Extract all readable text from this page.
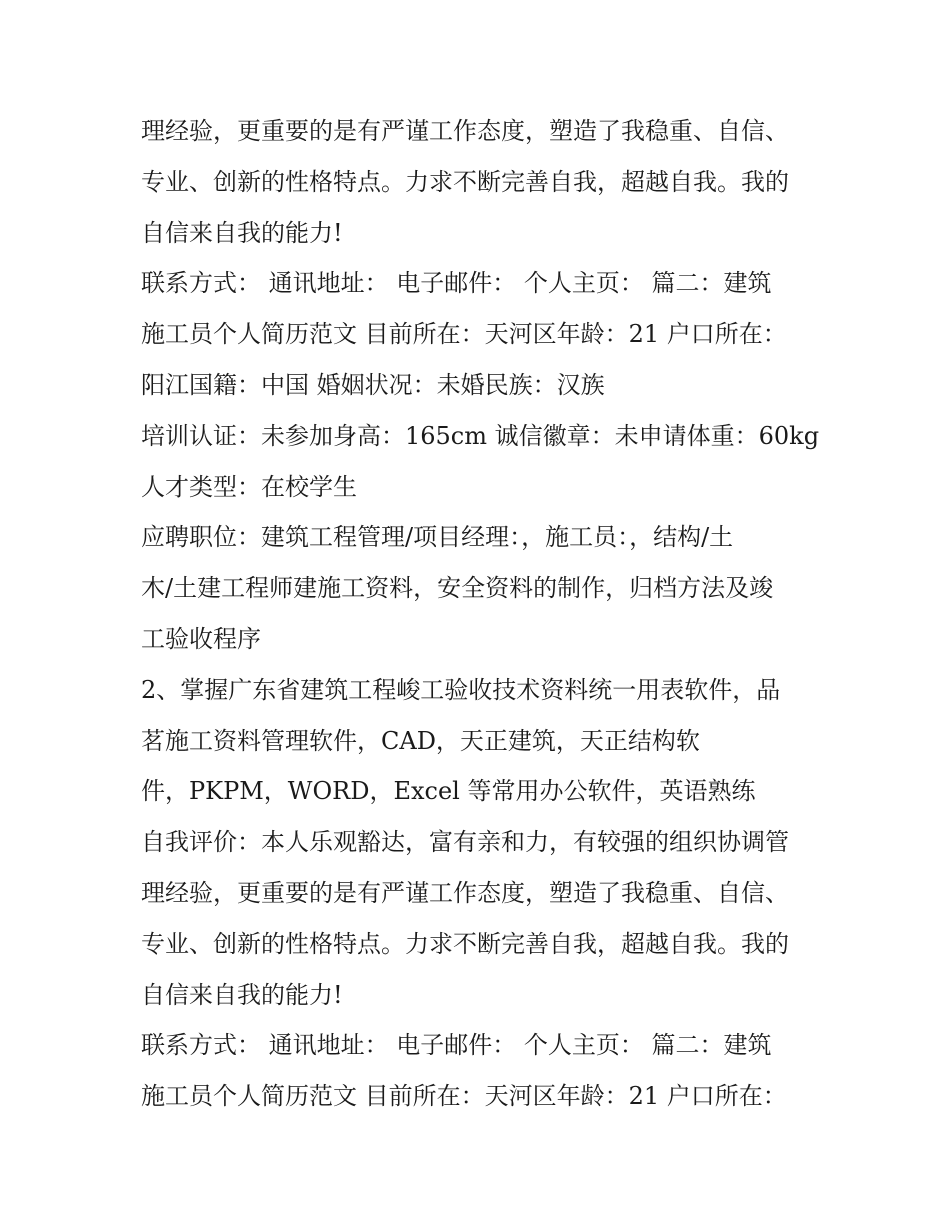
理经验，更重要的是有严谨工作态度，塑造了我稳重、自信、

专业、创新的性格特点。力求不断完善自我，超越自我。我的

自信来自我的能力!

联系方式： 通讯地址： 电子邮件： 个人主页： 篇二：建筑

施工员个人简历范文 目前所在：天河区年龄：21 户口所在：

阳江国籍：中国 婚姻状况：未婚民族：汉族

培训认证：未参加身高：165cm 诚信徽章：未申请体重：60kg

人才类型：在校学生

应聘职位：建筑工程管理/项目经理：，施工员：，结构/土

木/土建工程师建施工资料，安全资料的制作，归档方法及竣

工验收程序

2、掌握广东省建筑工程峻工验收技术资料统一用表软件，品

茗施工资料管理软件，CAD，天正建筑，天正结构软

件，PKPM，WORD，Excel 等常用办公软件，英语熟练

自我评价：本人乐观豁达，富有亲和力，有较强的组织协调管

理经验，更重要的是有严谨工作态度，塑造了我稳重、自信、

专业、创新的性格特点。力求不断完善自我，超越自我。我的

自信来自我的能力!

联系方式： 通讯地址： 电子邮件： 个人主页： 篇二：建筑

施工员个人简历范文 目前所在：天河区年龄：21 户口所在：
